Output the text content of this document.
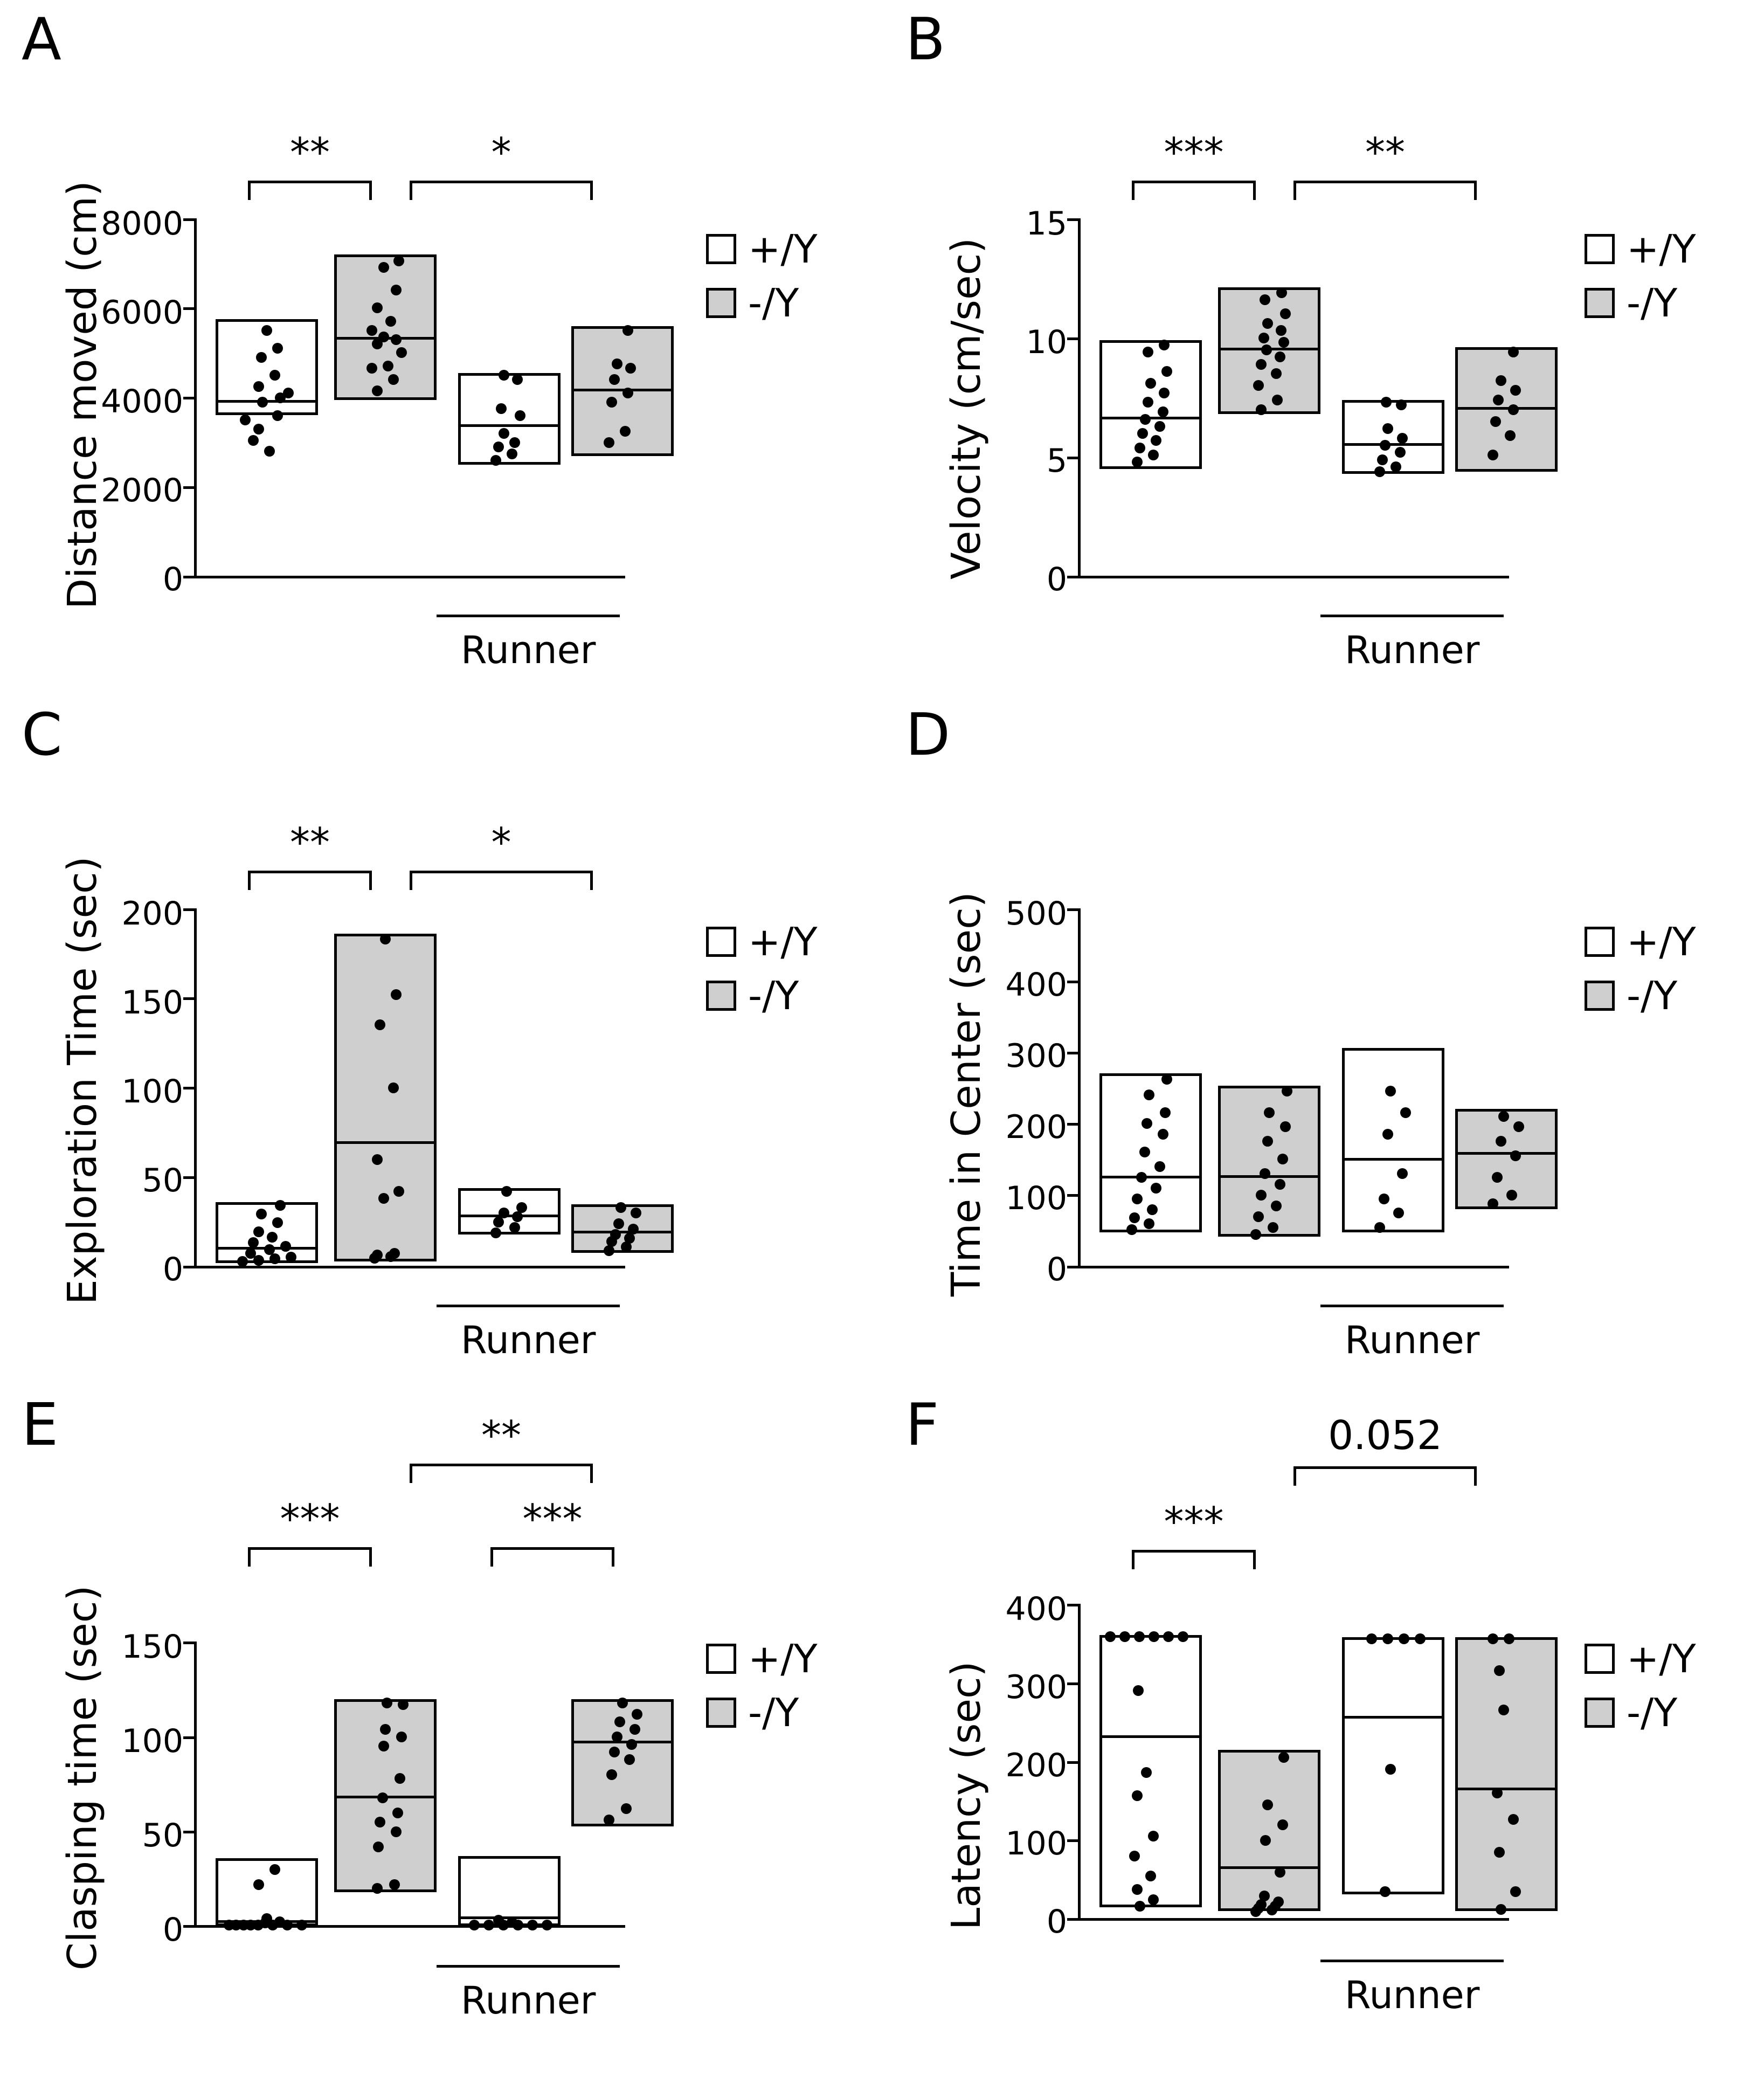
A
Distance moved (cm)	0
2000
4000
6000
8000
**	*
Runner
+/Y
-/Y
B
Velocity (cm/sec)	0
5
10
15
***	**
Runner
+/Y
-/Y
C
Exploration Time (sec)	0
50
100
150
200
**	*
Runner
+/Y
-/Y
D
Time in Center (sec)	0
100
200
300
400
500
Runner
+/Y
-/Y
E
Clasping time (sec)	0
50
100
150
**
***	***
Runner
+/Y
-/Y
F
Latency (sec)	0
100
200
300
400
0.052
***
Runner
+/Y
-/Y
